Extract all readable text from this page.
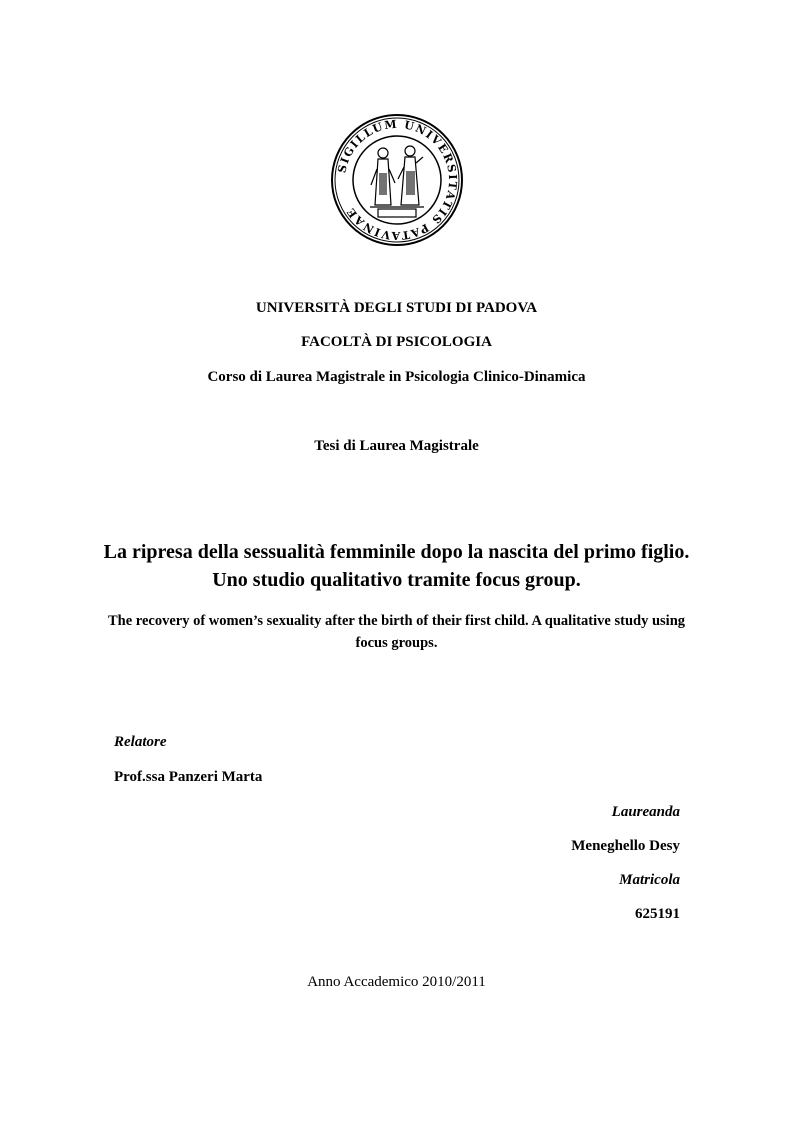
SIGILLUM UNIVERSITATIS PATAVINAE
UNIVERSITÀ DEGLI STUDI DI PADOVA
FACOLTÀ DI PSICOLOGIA
Corso di Laurea Magistrale in Psicologia Clinico-Dinamica
Tesi di Laurea Magistrale
La ripresa della sessualità femminile dopo la nascita del primo figlio. Uno studio qualitativo tramite focus group.
The recovery of women’s sexuality after the birth of their first child. A qualitative study using focus groups.
Relatore
Prof.ssa Panzeri Marta
Laureanda
Meneghello Desy
Matricola
625191
Anno Accademico 2010/2011
